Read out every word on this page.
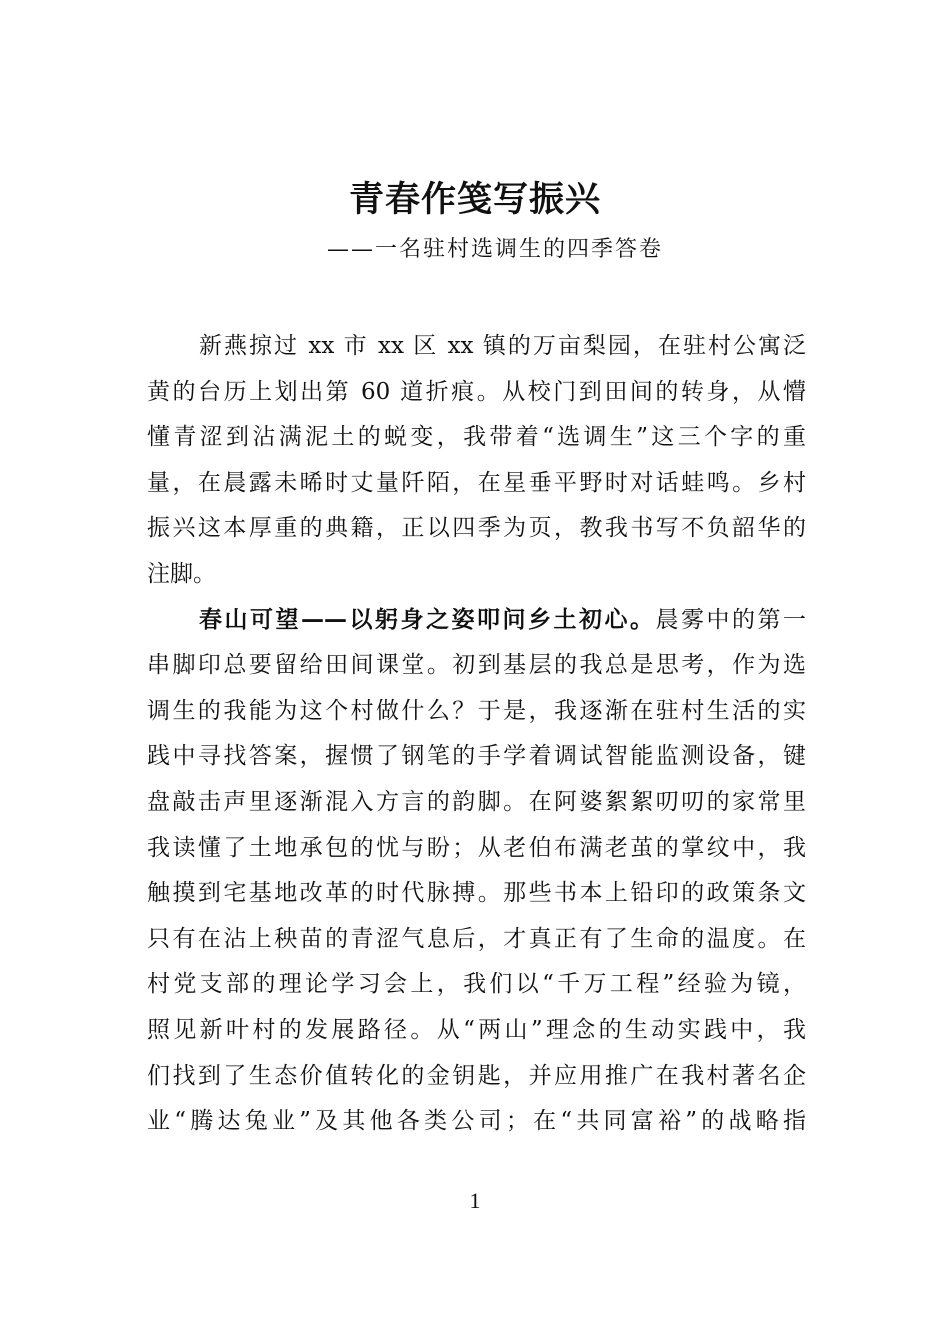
青春作笺写振兴
——一名驻村选调生的四季答卷
新燕掠过 xx 市 xx 区 xx 镇的万亩梨园，在驻村公寓泛
黄的台历上划出第 60 道折痕。从校门到田间的转身，从懵
懂青涩到沾满泥土的蜕变，我带着“选调生”这三个字的重
量，在晨露未晞时丈量阡陌，在星垂平野时对话蛙鸣。乡村
振兴这本厚重的典籍，正以四季为页，教我书写不负韶华的
注脚。
春山可望——以躬身之姿叩问乡土初心。晨雾中的第一
串脚印总要留给田间课堂。初到基层的我总是思考，作为选
调生的我能为这个村做什么？于是，我逐渐在驻村生活的实
践中寻找答案，握惯了钢笔的手学着调试智能监测设备，键
盘敲击声里逐渐混入方言的韵脚。在阿婆絮絮叨叨的家常里
我读懂了土地承包的忧与盼；从老伯布满老茧的掌纹中，我
触摸到宅基地改革的时代脉搏。那些书本上铅印的政策条文
只有在沾上秧苗的青涩气息后，才真正有了生命的温度。在
村党支部的理论学习会上，我们以“千万工程”经验为镜，
照见新叶村的发展路径。从“两山”理念的生动实践中，我
们找到了生态价值转化的金钥匙，并应用推广在我村著名企
业“腾达兔业”及其他各类公司；在“共同富裕”的战略指
1
